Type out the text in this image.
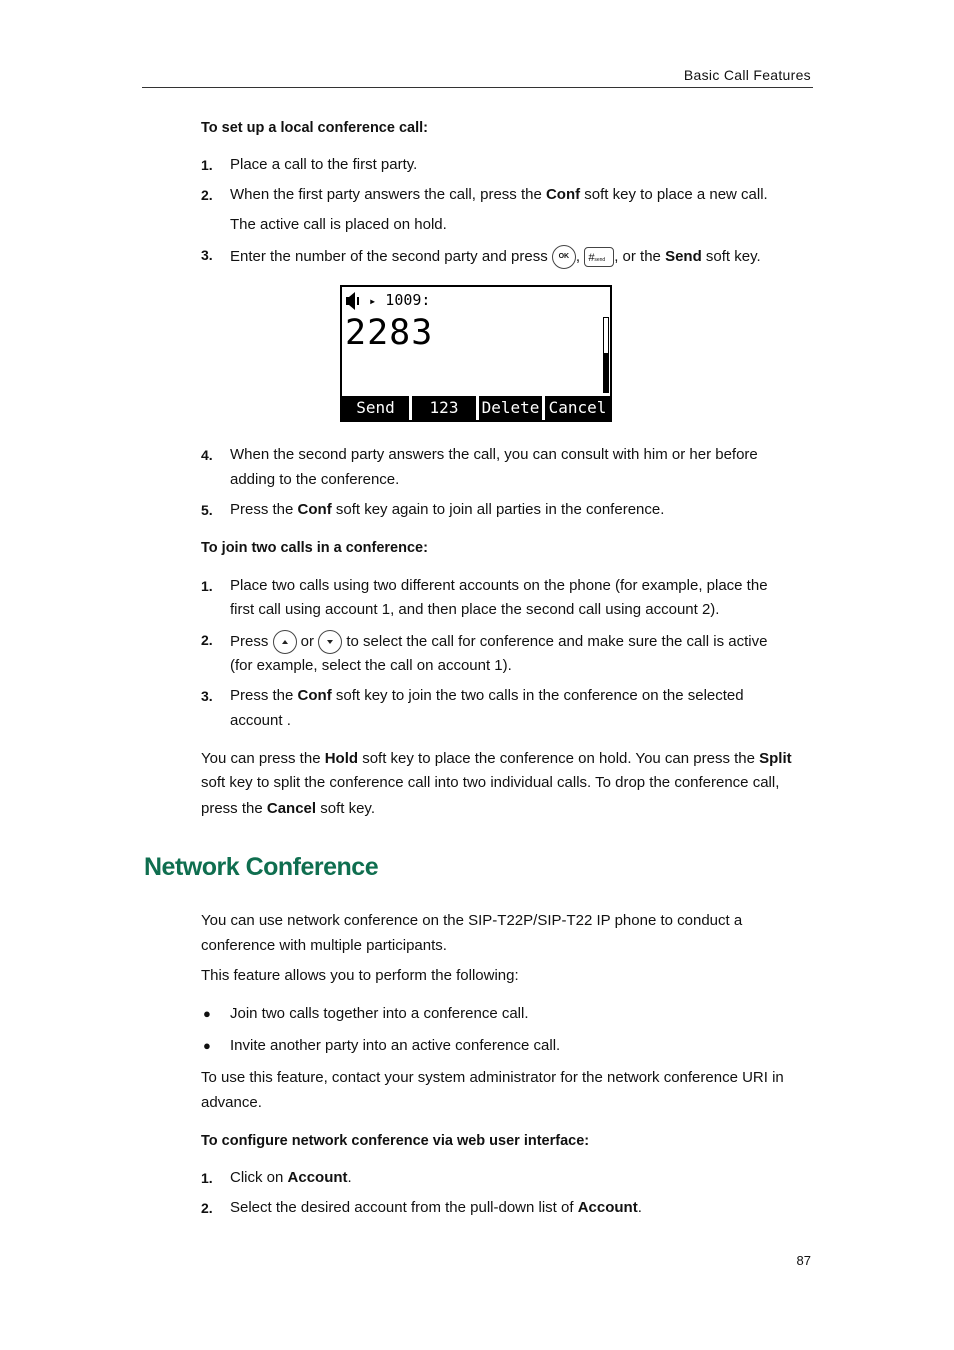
Basic Call Features
To set up a local conference call:
1. Place a call to the first party.
2. When the first party answers the call, press the Conf soft key to place a new call.
The active call is placed on hold.
3. Enter the number of the second party and press OK , #send , or the Send soft key.
▸ 1009:
2283
Send	123	Delete Cancel
4. When the second party answers the call, you can consult with him or her before
adding to the conference.
5. Press the Conf soft key again to join all parties in the conference.
To join two calls in a conference:
1. Place two calls using two different accounts on the phone (for example, place the
first call using account 1, and then place the second call using account 2).
2. Press  or  to select the call for conference and make sure the call is active
(for example, select the call on account 1).
3. Press the Conf soft key to join the two calls in the conference on the selected
account .
You can press the Hold soft key to place the conference on hold. You can press the Split
soft key to split the conference call into two individual calls. To drop the conference call,
press the Cancel soft key.
Network Conference
You can use network conference on the SIP-T22P/SIP-T22 IP phone to conduct a
conference with multiple participants.
This feature allows you to perform the following:
● Join two calls together into a conference call.
● Invite another party into an active conference call.
To use this feature, contact your system administrator for the network conference URI in
advance.
To configure network conference via web user interface:
1. Click on Account.
2. Select the desired account from the pull-down list of Account.
87
